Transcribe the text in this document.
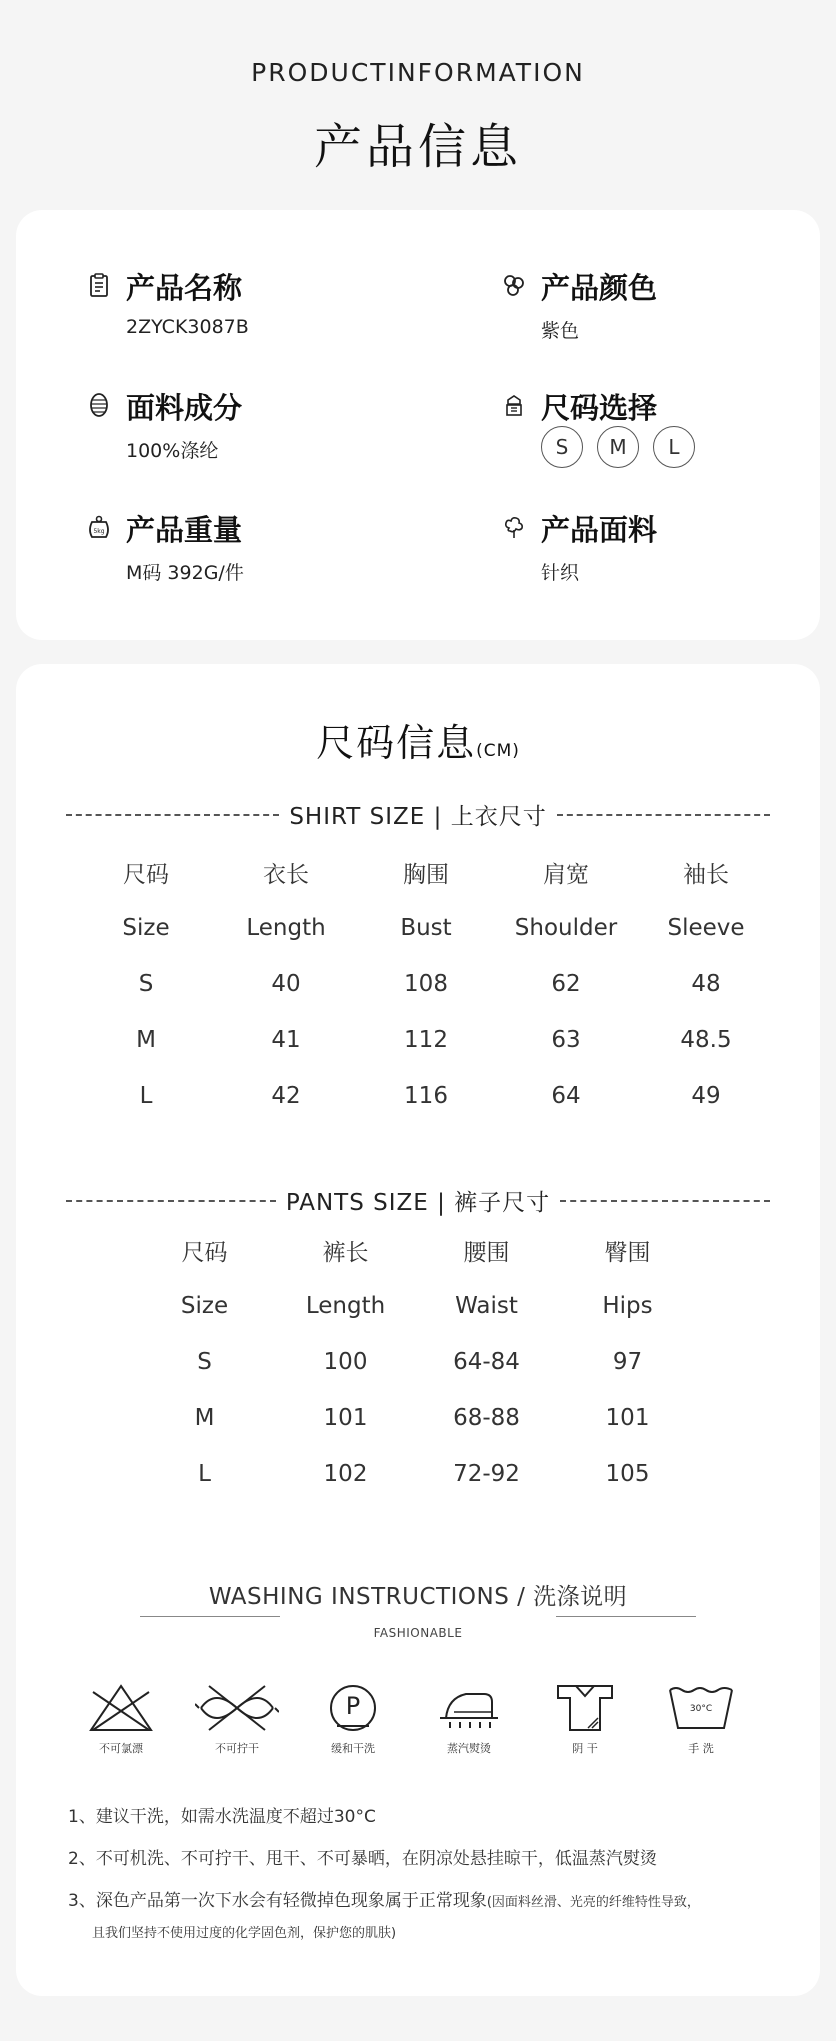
PRODUCTINFORMATION
产品信息
产品名称
2ZYCK3087B
产品颜色
紫色
面料成分
100%涤纶
尺码选择
S	M	L
5kg 产品重量
M码 392G/件
产品面料
针织
尺码信息(CM)
SHIRT SIZE | 上衣尺寸
尺码	衣长	胸围	肩宽	袖长
Size	Length	Bust	Shoulder	Sleeve
S	40	108	62	48
M	41	112	63	48.5
L	42	116	64	49
PANTS SIZE | 裤子尺寸
尺码	裤长	腰围	臀围
Size	Length	Waist	Hips
S	100	64-84	97
M	101	68-88	101
L	102	72-92	105
WASHING INSTRUCTIONS / 洗涤说明
FASHIONABLE
不可氯漂	不可拧干
P
缓和干洗	蒸汽熨烫	阴 干
30°C
手 洗
1、建议干洗，如需水洗温度不超过30°C
2、不可机洗、不可拧干、甩干、不可暴晒，在阴凉处悬挂晾干，低温蒸汽熨烫
3、深色产品第一次下水会有轻微掉色现象属于正常现象(因面料丝滑、光亮的纤维特性导致，
且我们坚持不使用过度的化学固色剂，保护您的肌肤)
